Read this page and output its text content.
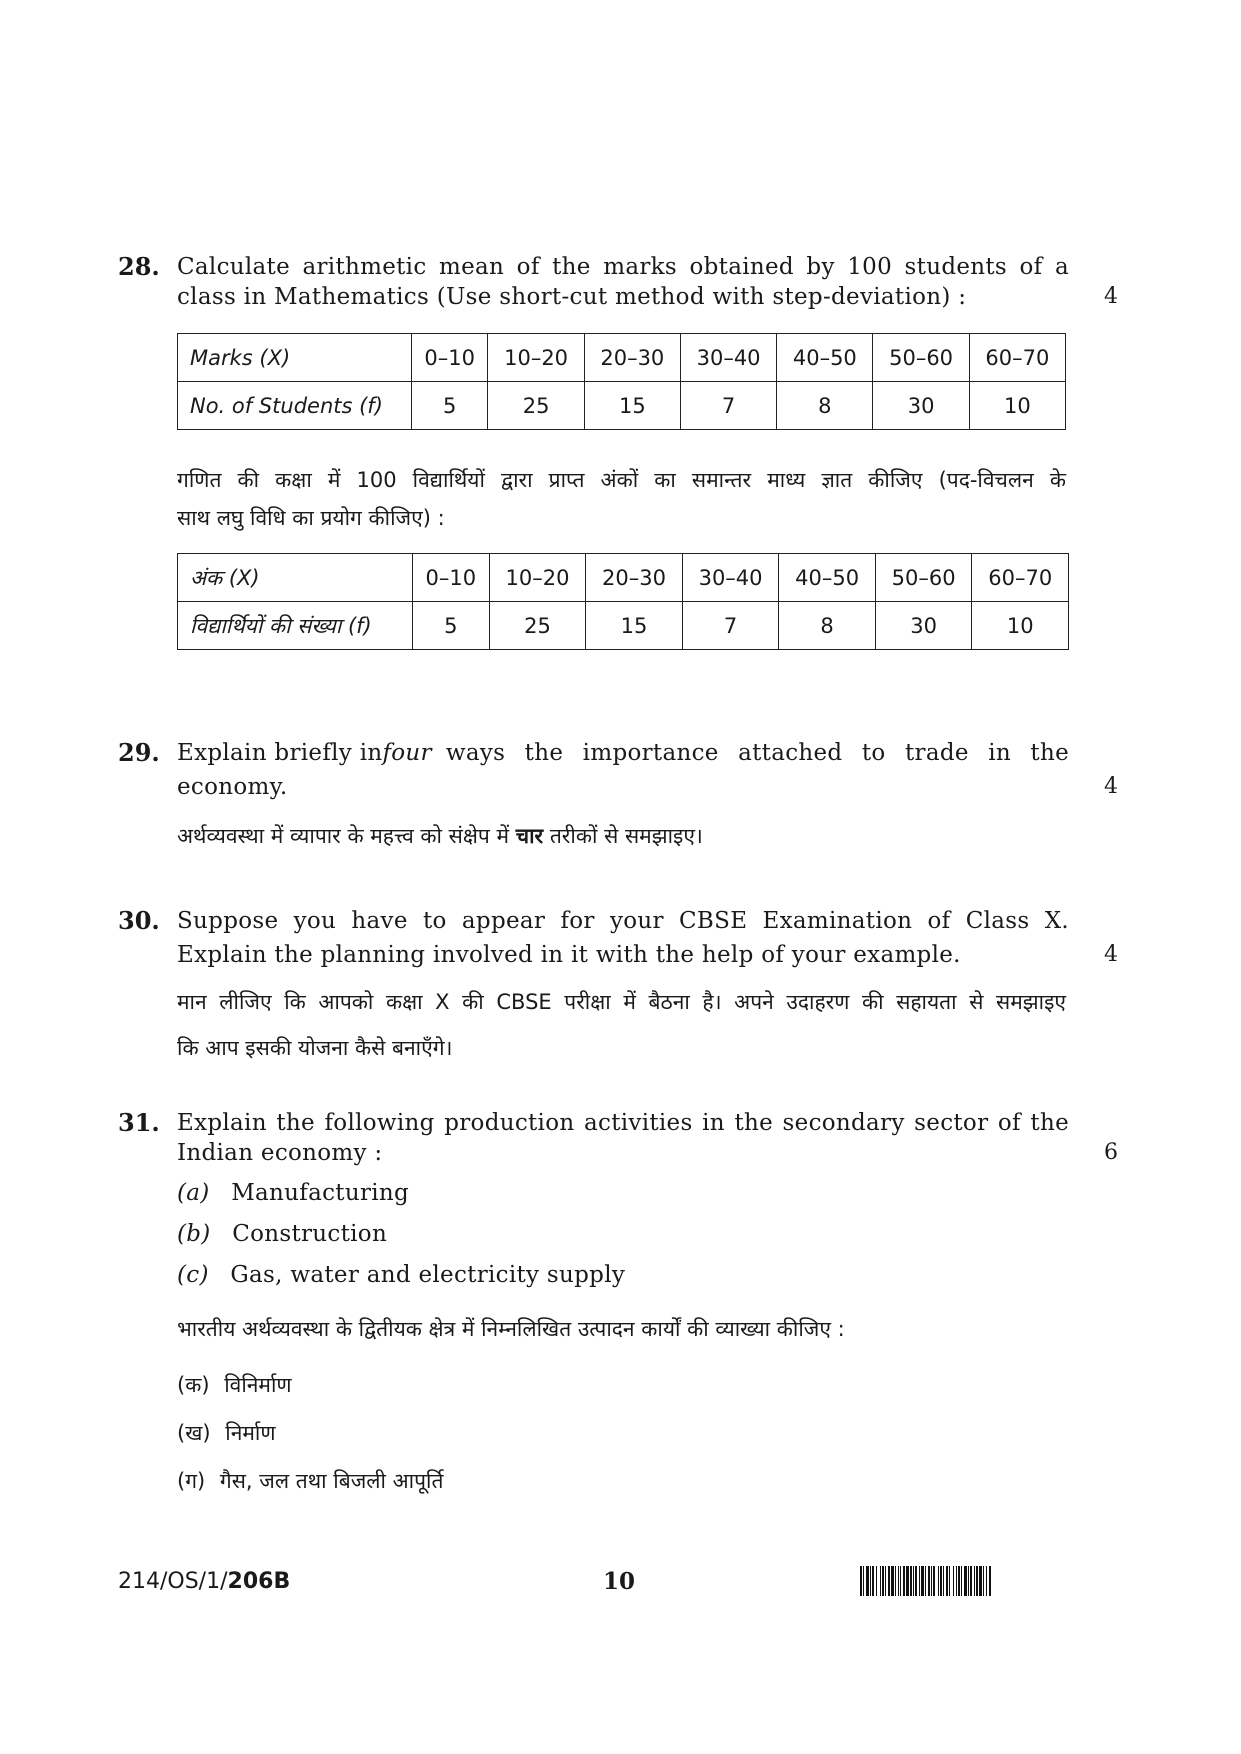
28. Calculate arithmetic mean of the marks obtained by 100 students of a
class in Mathematics (Use short-cut method with step-deviation) :	4
Marks (X)	0–10	10–20	20–30	30–40	40–50	50–60	60–70
No. of Students (f)	5	25	15	7	8	30	10
गणित की कक्षा में 100 विद्यार्थियों द्वारा प्राप्त अंकों का समान्तर माध्य ज्ञात कीजिए (पद-विचलन के
साथ लघु विधि का प्रयोग कीजिए) :
अंक (X)	0–10	10–20	20–30	30–40	40–50	50–60	60–70
विद्यार्थियों की संख्या (f)	5	25	15	7	8	30	10
29. Explain briefly in four ways the importance attached to trade in the
economy.	4
अर्थव्यवस्था में व्यापार के महत्त्व को संक्षेप में चार तरीकों से समझाइए।
30. Suppose you have to appear for your CBSE Examination of Class X.
Explain the planning involved in it with the help of your example.	4
मान लीजिए कि आपको कक्षा X की CBSE परीक्षा में बैठना है। अपने उदाहरण की सहायता से समझाइए
कि आप इसकी योजना कैसे बनाएँगे।
31. Explain the following production activities in the secondary sector of the
Indian economy :	6
(a) Manufacturing
(b) Construction
(c) Gas, water and electricity supply
भारतीय अर्थव्यवस्था के द्वितीयक क्षेत्र में निम्नलिखित उत्पादन कार्यों की व्याख्या कीजिए :
(क) विनिर्माण
(ख) निर्माण
(ग) गैस, जल तथा बिजली आपूर्ति
214/OS/1/206B	10
